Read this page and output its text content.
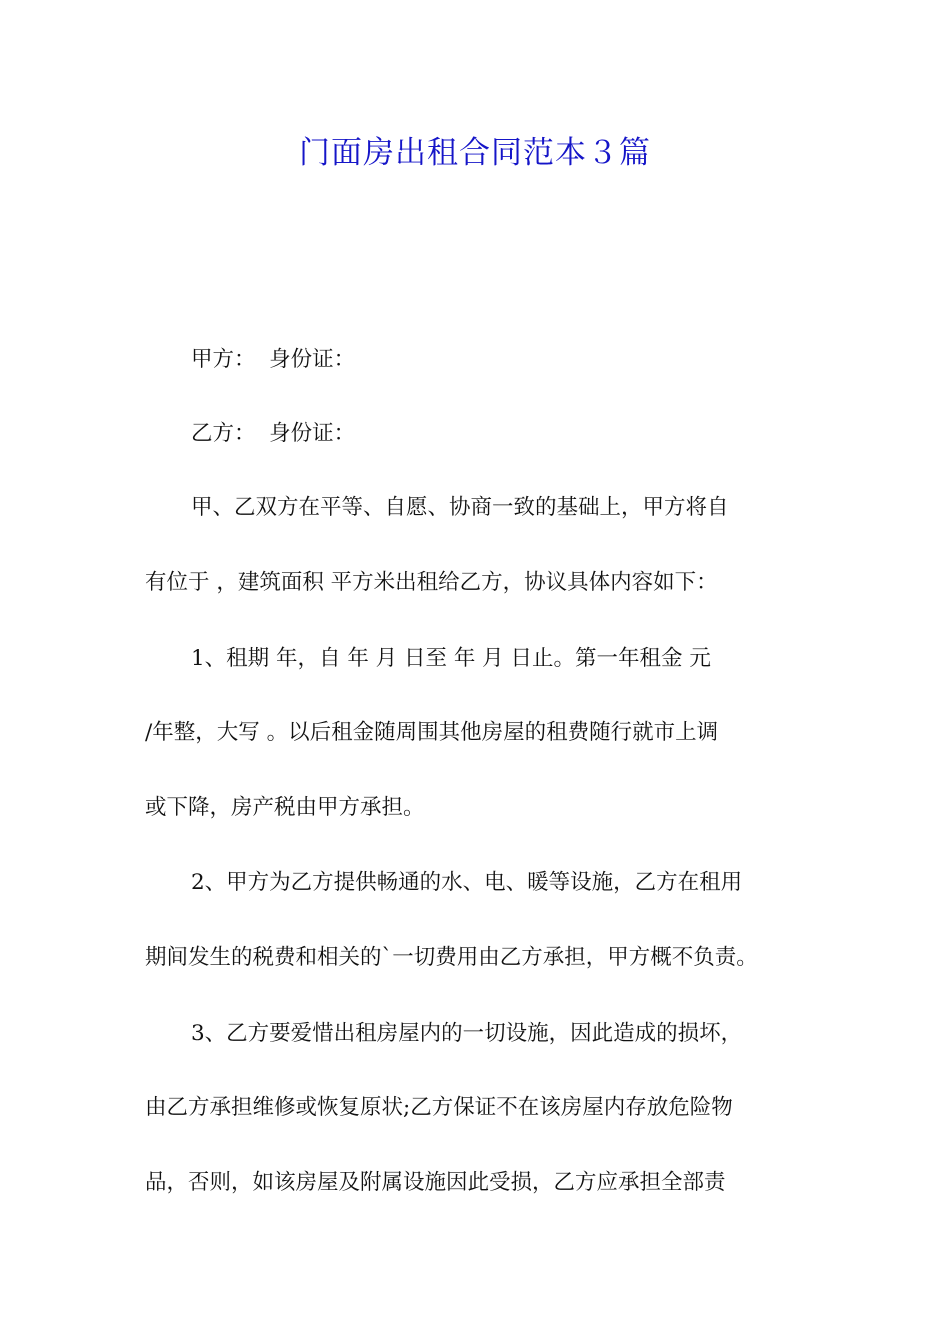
门面房出租合同范本３篇

甲方：  身份证：

乙方：  身份证：

甲、乙双方在平等、自愿、协商一致的基础上，甲方将自

有位于 ，建筑面积 平方米出租给乙方，协议具体内容如下：

1、租期 年，自 年 月 日至 年 月 日止。第一年租金 元

/年整，大写 。以后租金随周围其他房屋的租费随行就市上调

或下降，房产税由甲方承担。

2、甲方为乙方提供畅通的水、电、暖等设施，乙方在租用

期间发生的税费和相关的`一切费用由乙方承担，甲方概不负责。

3、乙方要爱惜出租房屋内的一切设施，因此造成的损坏，

由乙方承担维修或恢复原状;乙方保证不在该房屋内存放危险物

品，否则，如该房屋及附属设施因此受损，乙方应承担全部责
